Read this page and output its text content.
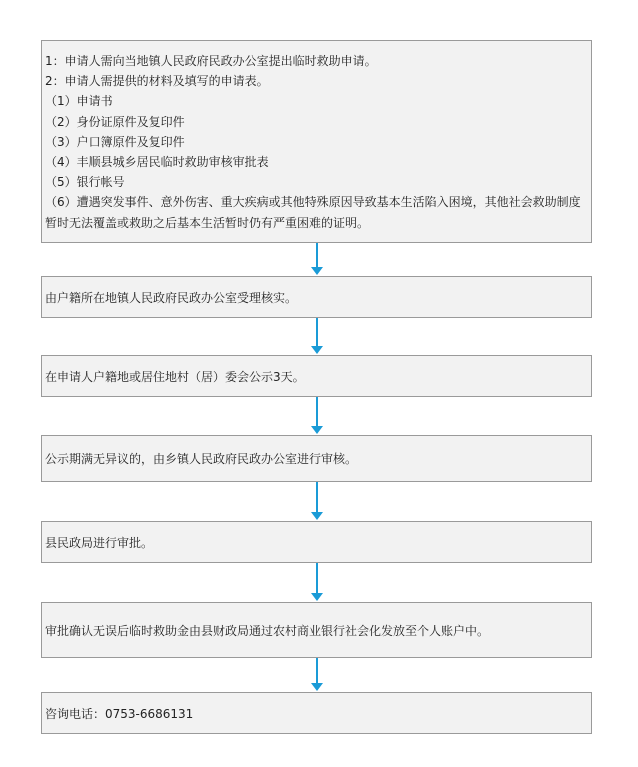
1：申请人需向当地镇人民政府民政办公室提出临时救助申请。
2：申请人需提供的材料及填写的申请表。
（1）申请书
（2）身份证原件及复印件
（3）户口簿原件及复印件
（4）丰顺县城乡居民临时救助审核审批表
（5）银行帐号
（6）遭遇突发事件、意外伤害、重大疾病或其他特殊原因导致基本生活陷入困境，其他社会救助制度暂时无法覆盖或救助之后基本生活暂时仍有严重困难的证明。
由户籍所在地镇人民政府民政办公室受理核实。
在申请人户籍地或居住地村（居）委会公示3天。
公示期满无异议的，由乡镇人民政府民政办公室进行审核。
县民政局进行审批。
审批确认无误后临时救助金由县财政局通过农村商业银行社会化发放至个人账户中。
咨询电话：0753-6686131
